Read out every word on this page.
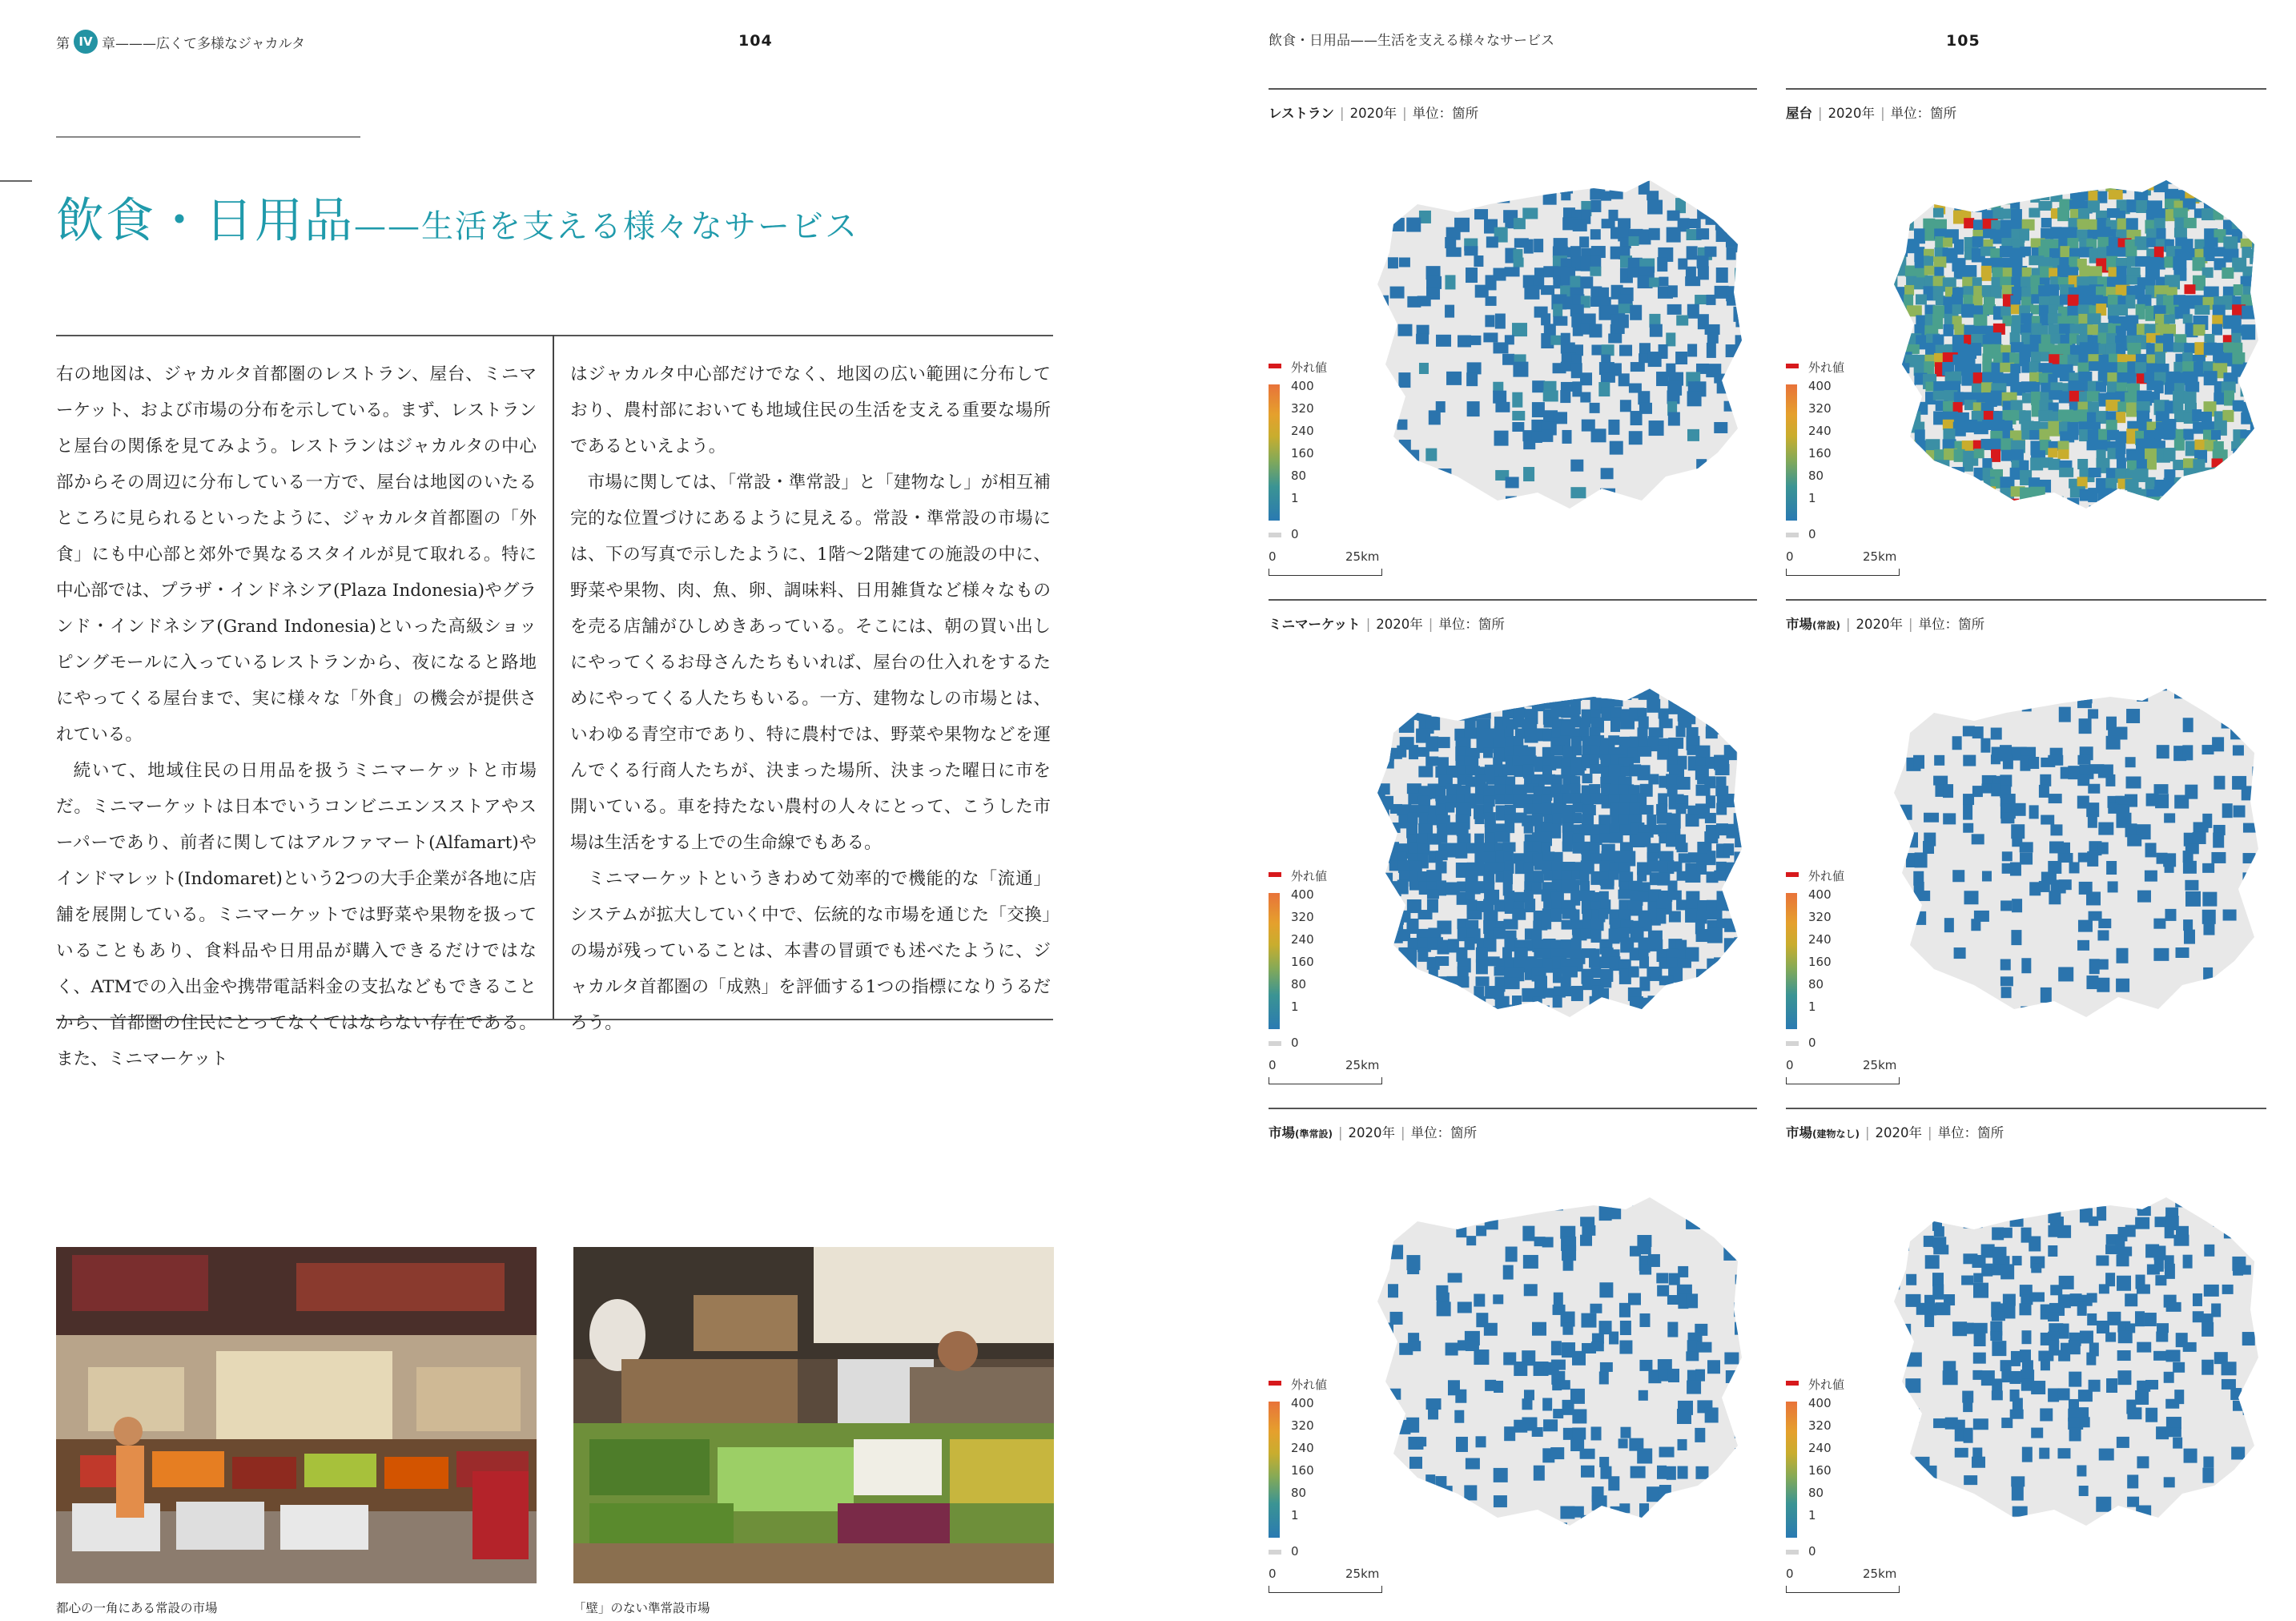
第 IV 章 ———広くて多様なジャカルタ	104
飲食・日用品 ——生活を支える様々なサービス

右の地図は、ジャカルタ首都圏のレストラン、屋台、ミニマーケット、および市場の分布を示している。まず、レストランと屋台の関係を見てみよう。レストランはジャカルタの中心部からその周辺に分布している一方で、屋台は地図のいたるところに見られるといったように、ジャカルタ首都圏の「外食」にも中心部と郊外で異なるスタイルが見て取れる。特に中心部では、プラザ・インドネシア(Plaza Indonesia)やグランド・インドネシア(Grand Indonesia)といった高級ショッピングモールに入っているレストランから、夜になると路地にやってくる屋台まで、実に様々な「外食」の機会が提供されている。

続いて、地域住民の日用品を扱うミニマーケットと市場だ。ミニマーケットは日本でいうコンビニエンスストアやスーパーであり、前者に関してはアルファマート(Alfamart)やインドマレット(Indomaret)という2つの大手企業が各地に店舗を展開している。ミニマーケットでは野菜や果物を扱っていることもあり、食料品や日用品が購入できるだけではなく、ATMでの入出金や携帯電話料金の支払などもできることから、首都圏の住民にとってなくてはならない存在である。また、ミニマーケット

はジャカルタ中心部だけでなく、地図の広い範囲に分布しており、農村部においても地域住民の生活を支える重要な場所であるといえよう。

市場に関しては、「常設・準常設」と「建物なし」が相互補完的な位置づけにあるように見える。常設・準常設の市場には、下の写真で示したように、1階〜2階建ての施設の中に、野菜や果物、肉、魚、卵、調味料、日用雑貨など様々なものを売る店舗がひしめきあっている。そこには、朝の買い出しにやってくるお母さんたちもいれば、屋台の仕入れをするためにやってくる人たちもいる。一方、建物なしの市場とは、いわゆる青空市であり、特に農村では、野菜や果物などを運んでくる行商人たちが、決まった場所、決まった曜日に市を開いている。車を持たない農村の人々にとって、こうした市場は生活をする上での生命線でもある。

ミニマーケットというきわめて効率的で機能的な「流通」システムが拡大していく中で、伝統的な市場を通じた「交換」の場が残っていることは、本書の冒頭でも述べたように、ジャカルタ首都圏の「成熟」を評価する1つの指標になりうるだろう。

都心の一角にある常設の市場	「壁」のない準常設市場
飲食・日用品——生活を支える様々なサービス	105
レストラン | 2020年 | 単位：箇所	屋台 | 2020年 | 単位：箇所
ミニマーケット | 2020年 | 単位：箇所	市場(常設) | 2020年 | 単位：箇所
市場(準常設) | 2020年 | 単位：箇所	市場(建物なし) | 2020年 | 単位：箇所
外れ値
400
320
240
160
80
1
0
0	25km
外れ値
400
320
240
160
80
1
0
0	25km
外れ値
400
320
240
160
80
1
0
0	25km
外れ値
400
320
240
160
80
1
0
0	25km
外れ値
400
320
240
160
80
1
0
0	25km
外れ値
400
320
240
160
80
1
0
0	25km
